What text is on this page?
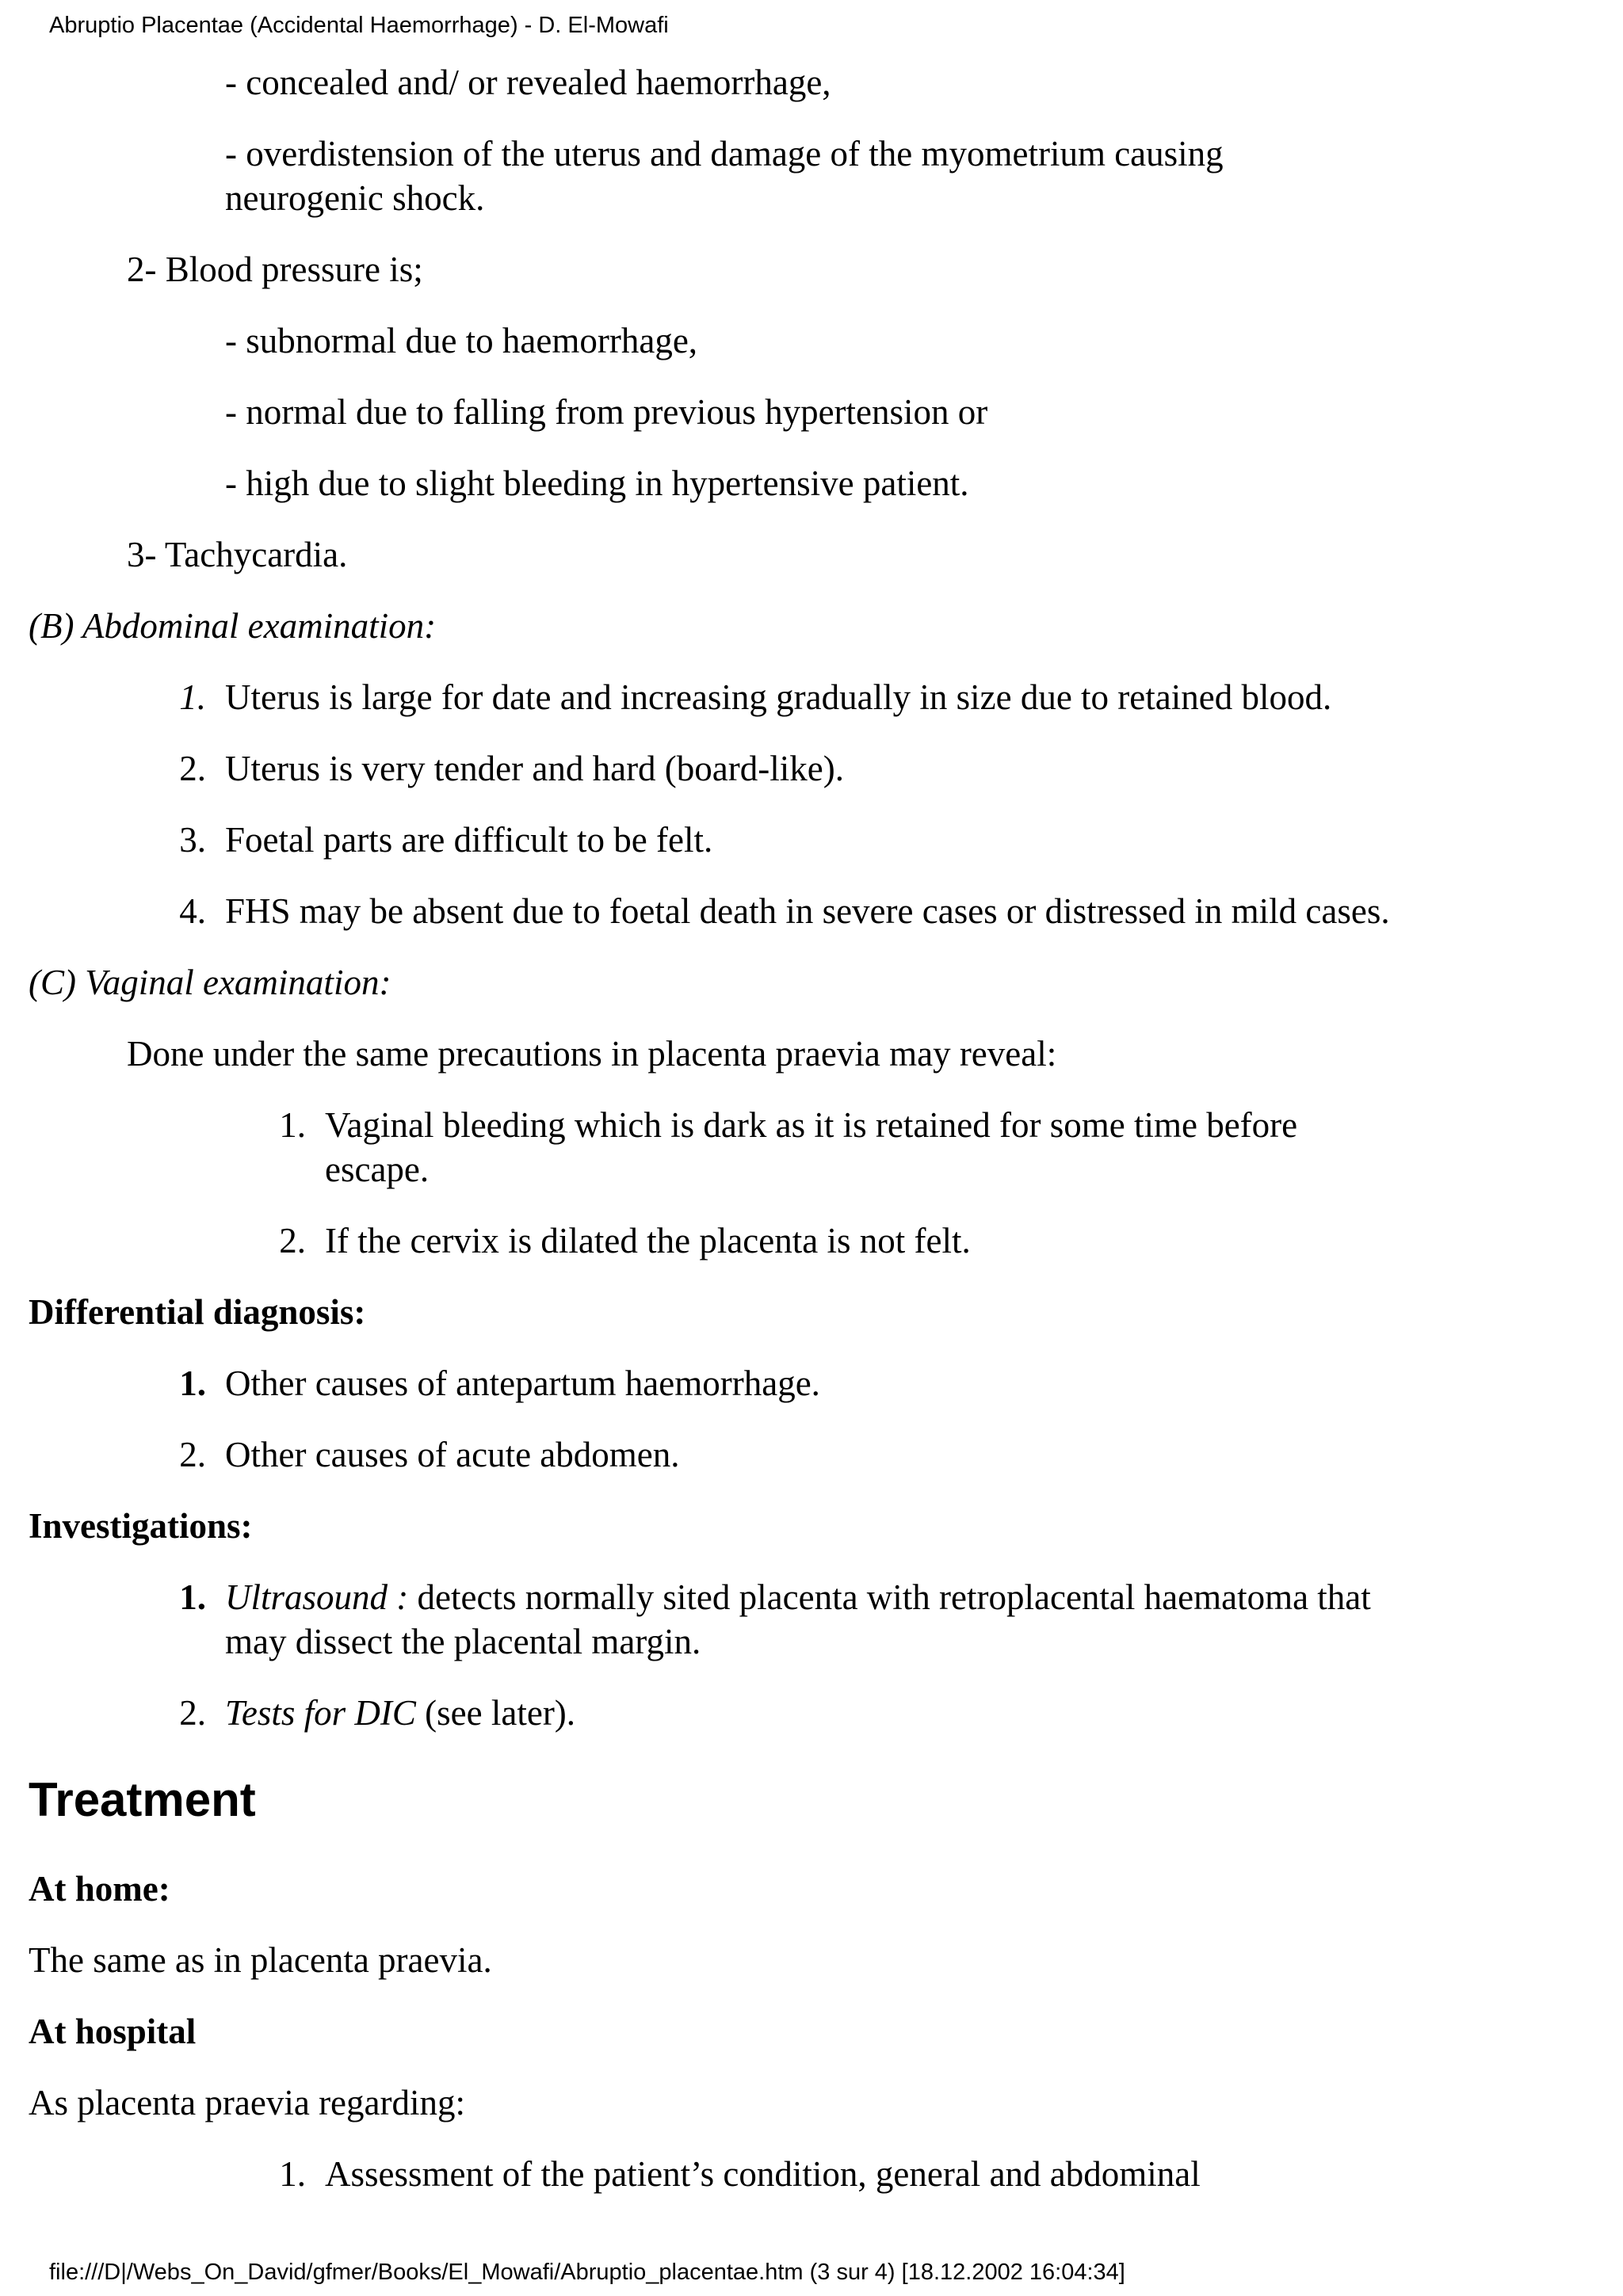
Abruptio Placentae (Accidental Haemorrhage) - D. El-Mowafi
- concealed and/ or revealed haemorrhage,
- overdistension of the uterus and damage of the myometrium causing
neurogenic shock.
2- Blood pressure is;
- subnormal due to haemorrhage,
- normal due to falling from previous hypertension or
- high due to slight bleeding in hypertensive patient.
3- Tachycardia.
(B) Abdominal examination:
1. Uterus is large for date and increasing gradually in size due to retained blood.
2. Uterus is very tender and hard (board-like).
3. Foetal parts are difficult to be felt.
4. FHS may be absent due to foetal death in severe cases or distressed in mild cases.
(C) Vaginal examination:
Done under the same precautions in placenta praevia may reveal:
1. Vaginal bleeding which is dark as it is retained for some time before
escape.
2. If the cervix is dilated the placenta is not felt.
Differential diagnosis:
1. Other causes of antepartum haemorrhage.
2. Other causes of acute abdomen.
Investigations:
1. Ultrasound : detects normally sited placenta with retroplacental haematoma that
may dissect the placental margin.
2. Tests for DIC (see later).
Treatment
At home:
The same as in placenta praevia.
At hospital
As placenta praevia regarding:
1. Assessment of the patient’s condition, general and abdominal
file:///D|/Webs_On_David/gfmer/Books/El_Mowafi/Abruptio_placentae.htm (3 sur 4) [18.12.2002 16:04:34]
